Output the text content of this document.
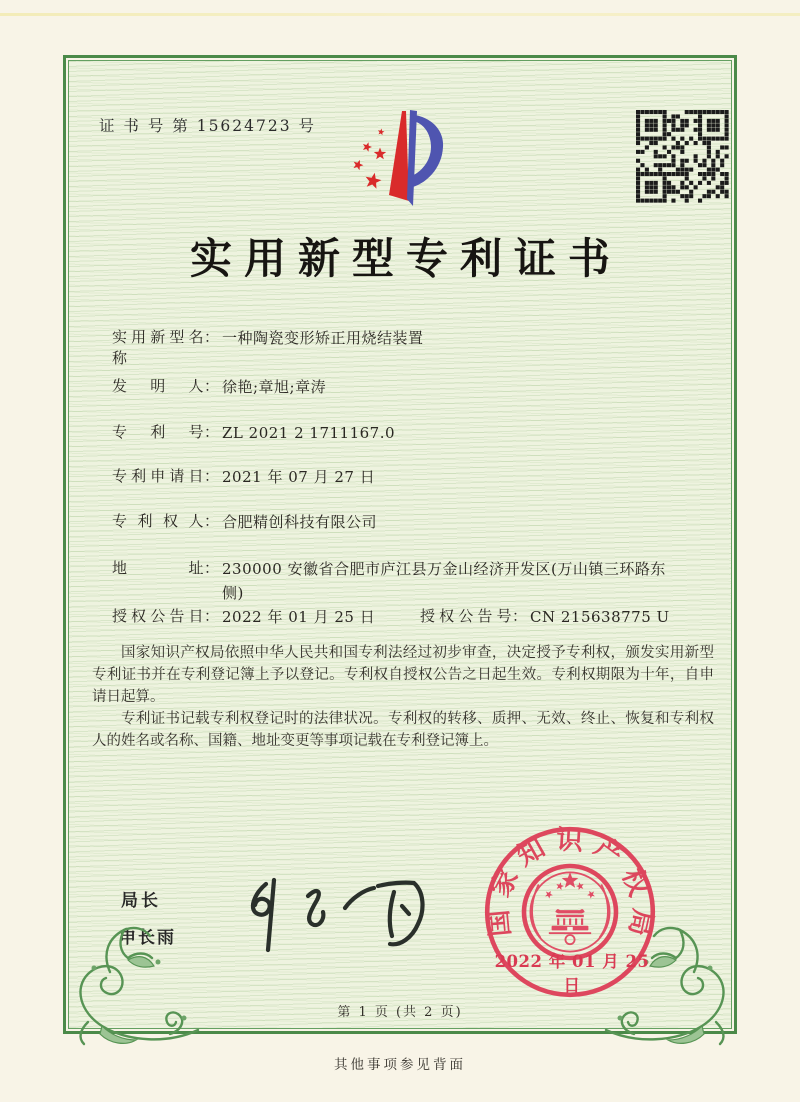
证 书 号 第 15624723 号
实用新型专利证书
实用新型名称
： 一种陶瓷变形矫正用烧结装置
发明人 ： 徐艳;章旭;章涛
专利号 ： ZL 2021 2 1711167.0
专利申请日 ： 2021 年 07 月 27 日
专利权人 ： 合肥精创科技有限公司
地址 ： 230000 安徽省合肥市庐江县万金山经济开发区(万山镇三环路东侧)
授权公告日 ： 2022 年 01 月 25 日	授权公告号 ： CN 215638775 U

国家知识产权局依照中华人民共和国专利法经过初步审查，决定授予专利权，颁发实用新型专利证书并在专利登记簿上予以登记。专利权自授权公告之日起生效。专利权期限为十年，自申请日起算。

专利证书记载专利权登记时的法律状况。专利权的转移、质押、无效、终止、恢复和专利权人的姓名或名称、国籍、地址变更等事项记载在专利登记簿上。

局长
申长雨
国家知识产权局
2022 年 01 月 25 日
第 1 页 (共 2 页)
其他事项参见背面
